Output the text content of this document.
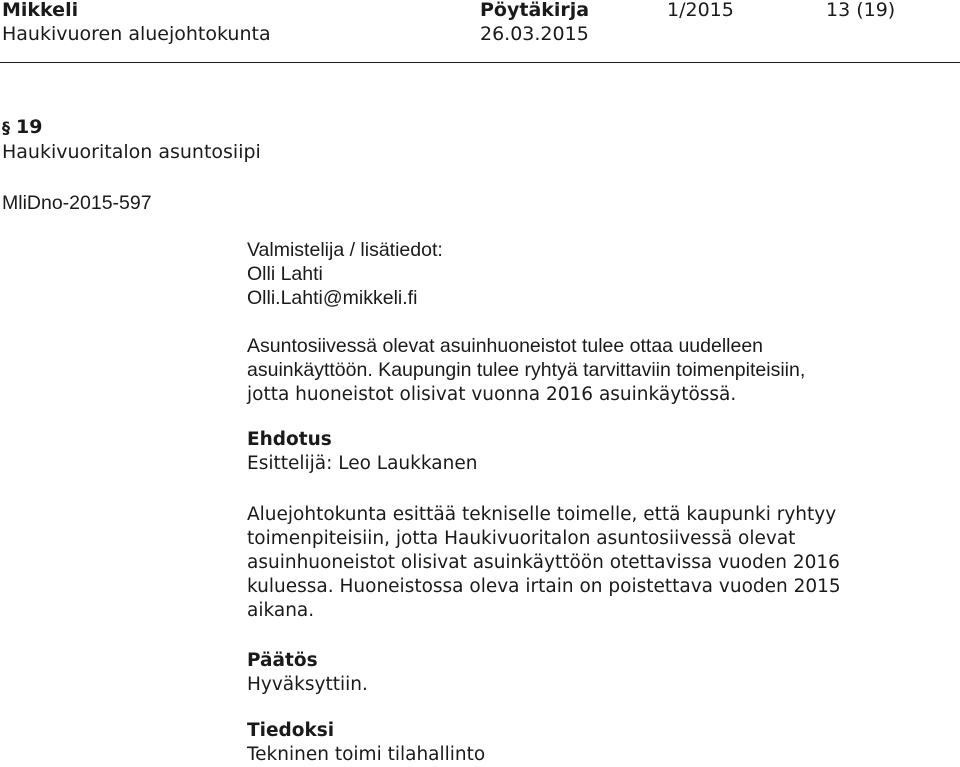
Mikkeli
Haukivuoren aluejohtokunta
Pöytäkirja
26.03.2015
1/2015	13 (19)
§ 19
Haukivuoritalon asuntosiipi
MliDno-2015-597
Valmistelija / lisätiedot:
Olli Lahti
Olli.Lahti@mikkeli.fi
Asuntosiivessä olevat asuinhuoneistot tulee ottaa uudelleen
asuinkäyttöön. Kaupungin tulee ryhtyä tarvittaviin toimenpiteisiin,
jotta huoneistot olisivat vuonna 2016 asuinkäytössä.
Ehdotus
Esittelijä: Leo Laukkanen
Aluejohtokunta esittää tekniselle toimelle, että kaupunki ryhtyy
toimenpiteisiin, jotta Haukivuoritalon asuntosiivessä olevat
asuinhuoneistot olisivat asuinkäyttöön otettavissa vuoden 2016
kuluessa. Huoneistossa oleva irtain on poistettava vuoden 2015
aikana.
Päätös
Hyväksyttiin.
Tiedoksi
Tekninen toimi tilahallinto
